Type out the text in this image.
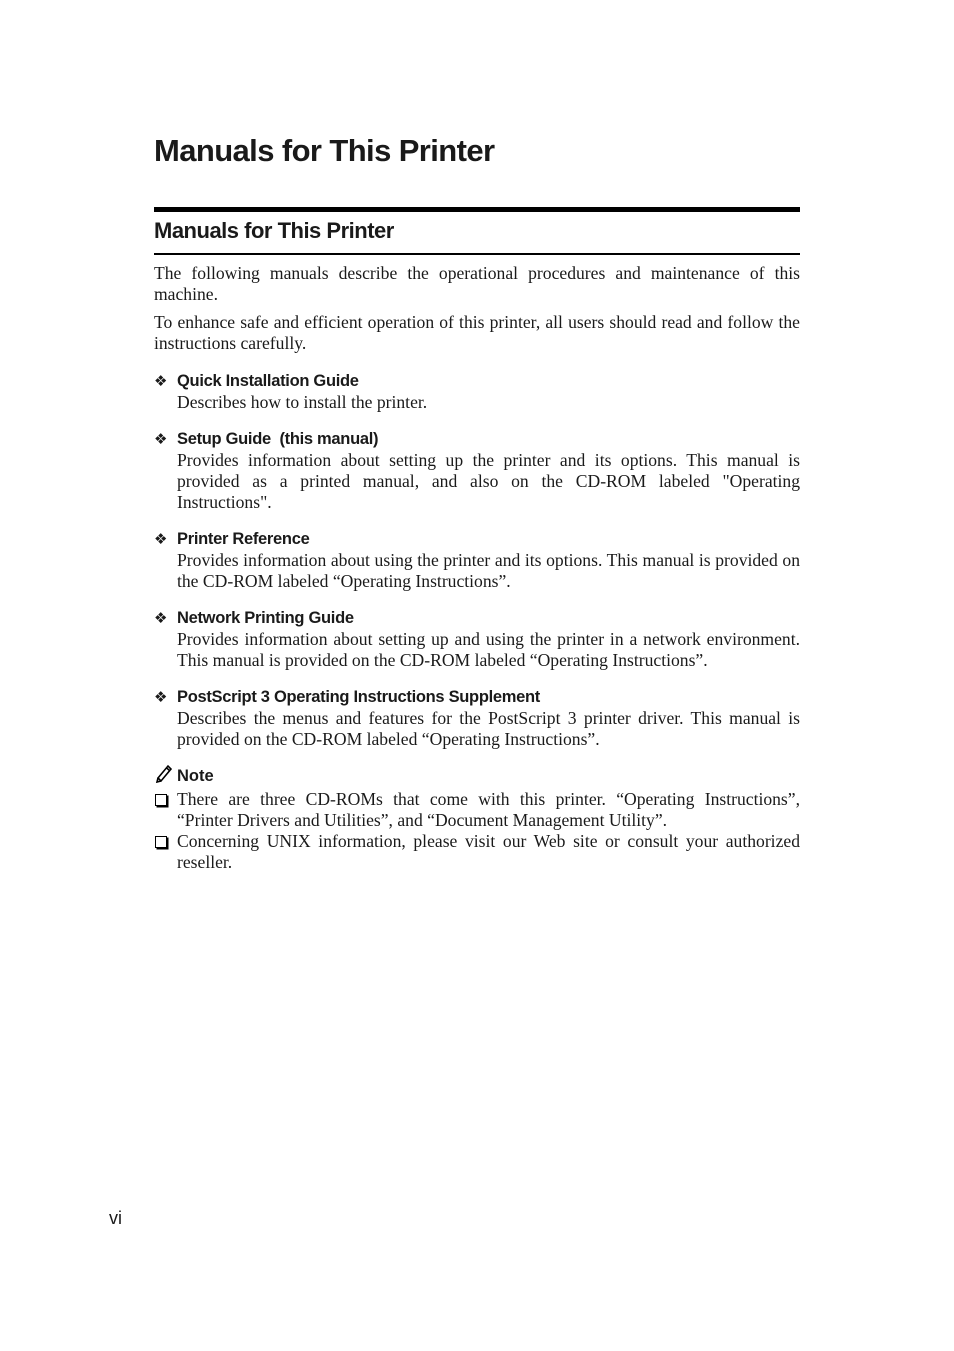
Manuals for This Printer
Manuals for This Printer

The following manuals describe the operational procedures and maintenance of this machine.

To enhance safe and efficient operation of this printer, all users should read and follow the instructions carefully.

❖ Quick Installation Guide

Describes how to install the printer.

❖ Setup Guide  (this manual)

Provides information about setting up the printer and its options. This manual is provided as a printed manual, and also on the CD-ROM labeled "Operating Instructions".

❖ Printer Reference

Provides information about using the printer and its options. This manual is provided on the CD-ROM labeled “Operating Instructions”.

❖ Network Printing Guide

Provides information about setting up and using the printer in a network environment. This manual is provided on the CD-ROM labeled “Operating Instructions”.

❖ PostScript 3 Operating Instructions Supplement

Describes the menus and features for the PostScript 3 printer driver. This manual is provided on the CD-ROM labeled “Operating Instructions”.

Note

There are three CD-ROMs that come with this printer. “Operating Instructions”, “Printer Drivers and Utilities”, and “Document Management Utility”.

Concerning UNIX information, please visit our Web site or consult your authorized reseller.

vi
